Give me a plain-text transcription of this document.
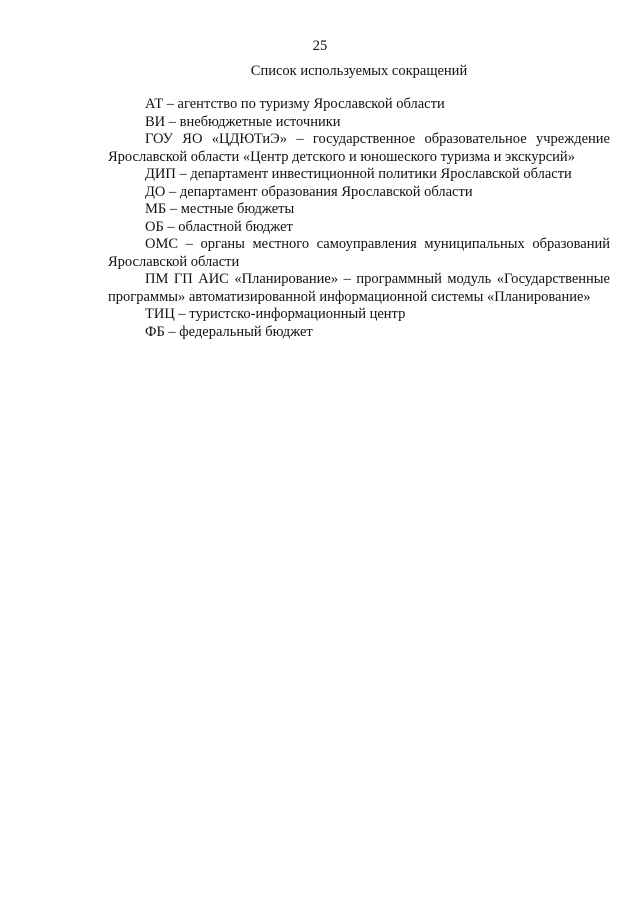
25
Список используемых сокращений

АТ – агентство по туризму Ярославской области

ВИ – внебюджетные источники

ГОУ ЯО «ЦДЮТиЭ» – государственное образовательное учреждение Ярославской области «Центр детского и юношеского туризма и экскурсий»

ДИП – департамент инвестиционной политики Ярославской области

ДО – департамент образования Ярославской области

МБ – местные бюджеты

ОБ – областной бюджет

ОМС – органы местного самоуправления муниципальных образований Ярославской области

ПМ ГП АИС «Планирование» – программный модуль «Государственные программы» автоматизированной информационной системы «Планирование»

ТИЦ – туристско-информационный центр

ФБ – федеральный бюджет
